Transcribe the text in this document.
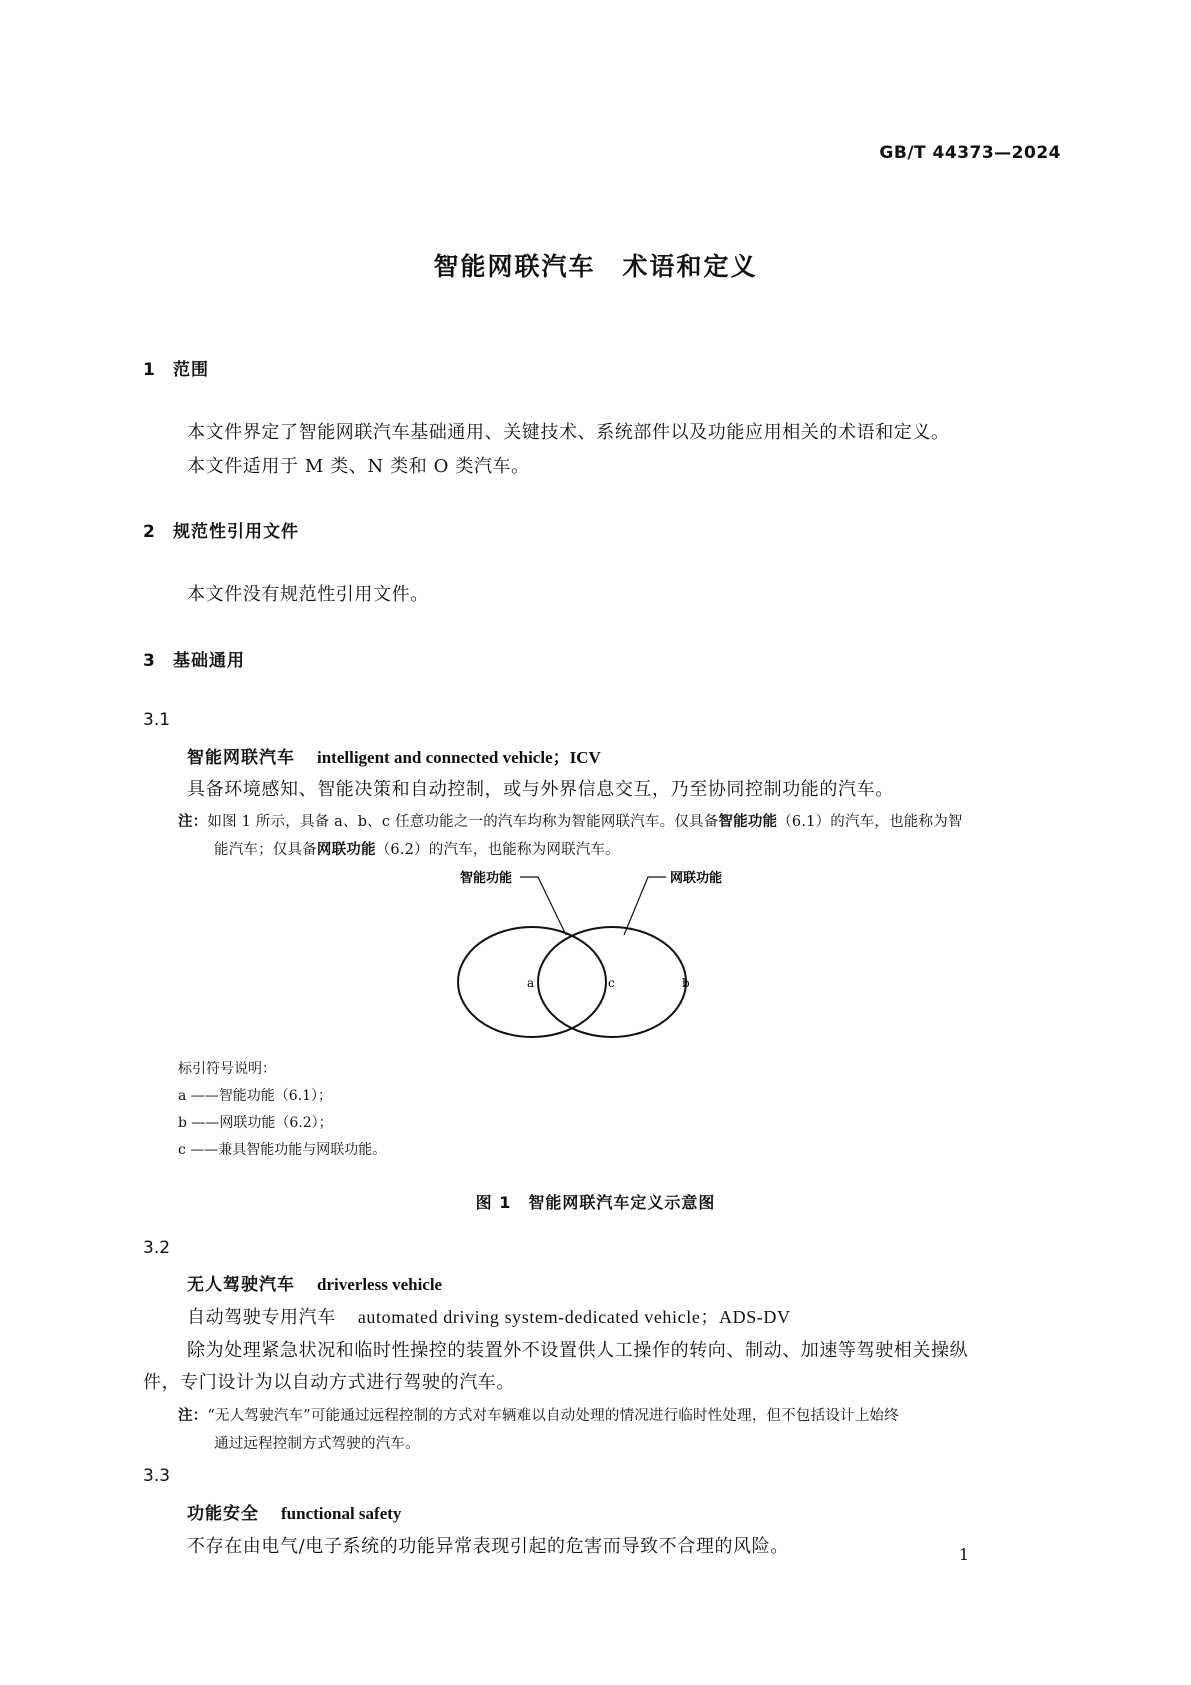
GB/T 44373—2024
智能网联汽车　术语和定义
1 范围
本文件界定了智能网联汽车基础通用、关键技术、系统部件以及功能应用相关的术语和定义。
本文件适用于 M 类、N 类和 O 类汽车。
2 规范性引用文件
本文件没有规范性引用文件。
3 基础通用
3.1
智能网联汽车 intelligent and connected vehicle；ICV
具备环境感知、智能决策和自动控制，或与外界信息交互，乃至协同控制功能的汽车。
注：如图 1 所示，具备 a、b、c 任意功能之一的汽车均称为智能网联汽车。仅具备智能功能（6.1）的汽车，也能称为智
能汽车；仅具备网联功能（6.2）的汽车，也能称为网联汽车。
智能功能	网联功能
a	c	b
标引符号说明：
a ——智能功能（6.1）；
b ——网联功能（6.2）；
c ——兼具智能功能与网联功能。
图 1　智能网联汽车定义示意图
3.2
无人驾驶汽车 driverless vehicle
自动驾驶专用汽车 automated driving system-dedicated vehicle；ADS-DV
除为处理紧急状况和临时性操控的装置外不设置供人工操作的转向、制动、加速等驾驶相关操纵
件，专门设计为以自动方式进行驾驶的汽车。
注：“无人驾驶汽车”可能通过远程控制的方式对车辆难以自动处理的情况进行临时性处理，但不包括设计上始终
通过远程控制方式驾驶的汽车。
3.3
功能安全 functional safety
不存在由电气/电子系统的功能异常表现引起的危害而导致不合理的风险。	1
